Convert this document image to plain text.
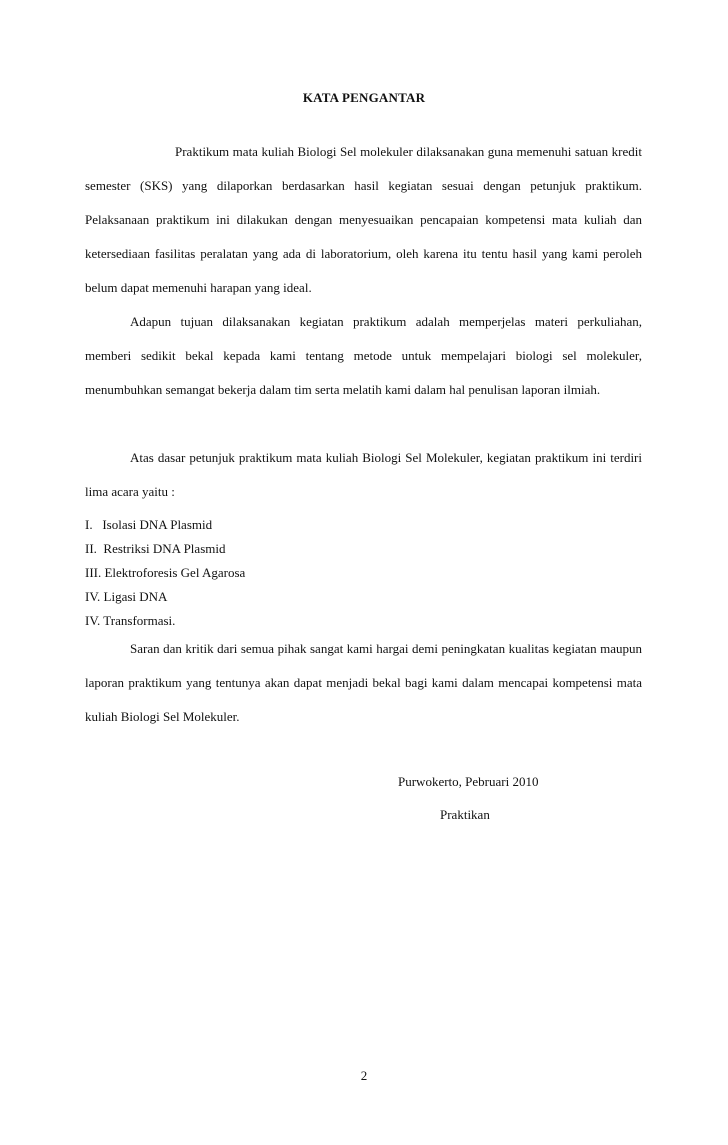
KATA PENGANTAR

Praktikum mata kuliah Biologi Sel molekuler dilaksanakan guna memenuhi satuan kredit semester (SKS) yang dilaporkan berdasarkan hasil kegiatan sesuai dengan petunjuk praktikum. Pelaksanaan praktikum ini dilakukan dengan menyesuaikan pencapaian kompetensi mata kuliah dan ketersediaan fasilitas peralatan yang ada di laboratorium, oleh karena itu tentu hasil yang kami peroleh belum dapat memenuhi harapan yang ideal.

Adapun tujuan dilaksanakan kegiatan praktikum adalah memperjelas materi perkuliahan, memberi sedikit bekal kepada kami tentang metode untuk mempelajari biologi sel molekuler, menumbuhkan semangat bekerja dalam tim serta melatih kami dalam hal penulisan laporan ilmiah.

Atas dasar petunjuk praktikum mata kuliah Biologi Sel Molekuler, kegiatan praktikum ini terdiri lima acara yaitu :

I.   Isolasi DNA Plasmid
II.  Restriksi DNA Plasmid
III. Elektroforesis Gel Agarosa
IV. Ligasi DNA
IV. Transformasi.

Saran dan kritik dari semua pihak sangat kami hargai demi peningkatan kualitas kegiatan maupun laporan praktikum yang tentunya akan dapat menjadi bekal bagi kami dalam mencapai kompetensi mata kuliah Biologi Sel Molekuler.

Purwokerto, Pebruari 2010
Praktikan
2
